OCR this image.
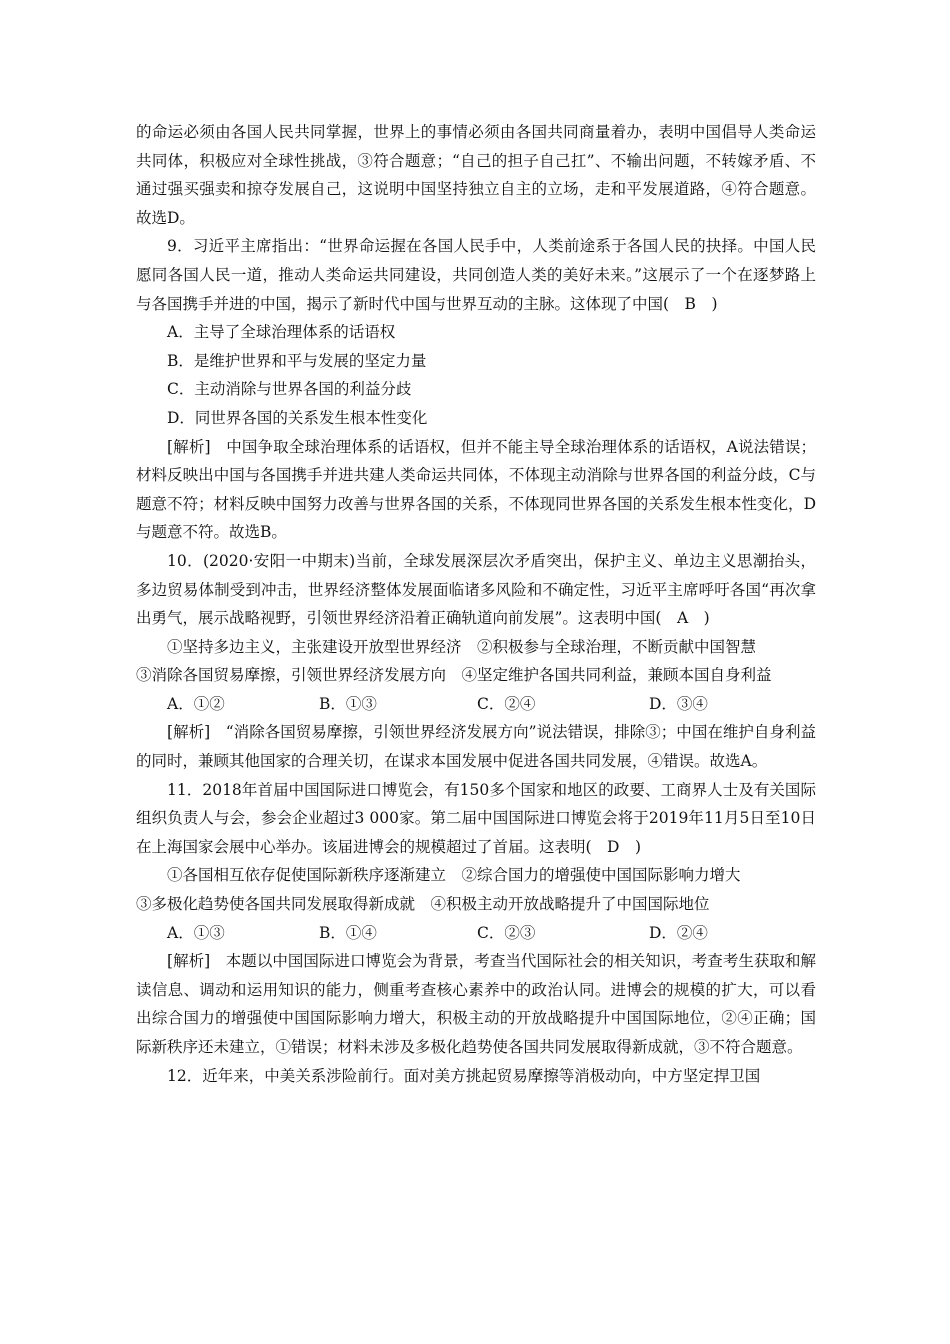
的命运必须由各国人民共同掌握，世界上的事情必须由各国共同商量着办，表明中国倡导人类命运共同体，积极应对全球性挑战，③符合题意；“自己的担子自己扛”、不输出问题，不转嫁矛盾、不通过强买强卖和掠夺发展自己，这说明中国坚持独立自主的立场，走和平发展道路，④符合题意。故选D。

9．习近平主席指出：“世界命运握在各国人民手中，人类前途系于各国人民的抉择。中国人民愿同各国人民一道，推动人类命运共同建设，共同创造人类的美好未来。”这展示了一个在逐梦路上与各国携手并进的中国，揭示了新时代中国与世界互动的主脉。这体现了中国(　B　)

A．主导了全球治理体系的话语权

B．是维护世界和平与发展的坚定力量

C．主动消除与世界各国的利益分歧

D．同世界各国的关系发生根本性变化

[解析]　中国争取全球治理体系的话语权，但并不能主导全球治理体系的话语权，A说法错误；材料反映出中国与各国携手并进共建人类命运共同体，不体现主动消除与世界各国的利益分歧，C与题意不符；材料反映中国努力改善与世界各国的关系，不体现同世界各国的关系发生根本性变化，D与题意不符。故选B。

10．(2020·安阳一中期末)当前，全球发展深层次矛盾突出，保护主义、单边主义思潮抬头，多边贸易体制受到冲击，世界经济整体发展面临诸多风险和不确定性，习近平主席呼吁各国“再次拿出勇气，展示战略视野，引领世界经济沿着正确轨道向前发展”。这表明中国(　A　)

①坚持多边主义，主张建设开放型世界经济　②积极参与全球治理，不断贡献中国智慧

③消除各国贸易摩擦，引领世界经济发展方向　④坚定维护各国共同利益，兼顾本国自身利益

A．①②	B．①③	C．②④	D．③④

[解析]　“消除各国贸易摩擦，引领世界经济发展方向”说法错误，排除③；中国在维护自身利益的同时，兼顾其他国家的合理关切，在谋求本国发展中促进各国共同发展，④错误。故选A。

11．2018年首届中国国际进口博览会，有150多个国家和地区的政要、工商界人士及有关国际组织负责人与会，参会企业超过3 000家。第二届中国国际进口博览会将于2019年11月5日至10日在上海国家会展中心举办。该届进博会的规模超过了首届。这表明(　D　)

①各国相互依存促使国际新秩序逐渐建立　②综合国力的增强使中国国际影响力增大

③多极化趋势使各国共同发展取得新成就　④积极主动开放战略提升了中国国际地位

A．①③	B．①④	C．②③	D．②④

[解析]　本题以中国国际进口博览会为背景，考查当代国际社会的相关知识，考查考生获取和解读信息、调动和运用知识的能力，侧重考查核心素养中的政治认同。进博会的规模的扩大，可以看出综合国力的增强使中国国际影响力增大，积极主动的开放战略提升中国国际地位，②④正确；国际新秩序还未建立，①错误；材料未涉及多极化趋势使各国共同发展取得新成就，③不符合题意。

12．近年来，中美关系涉险前行。面对美方挑起贸易摩擦等消极动向，中方坚定捍卫国
